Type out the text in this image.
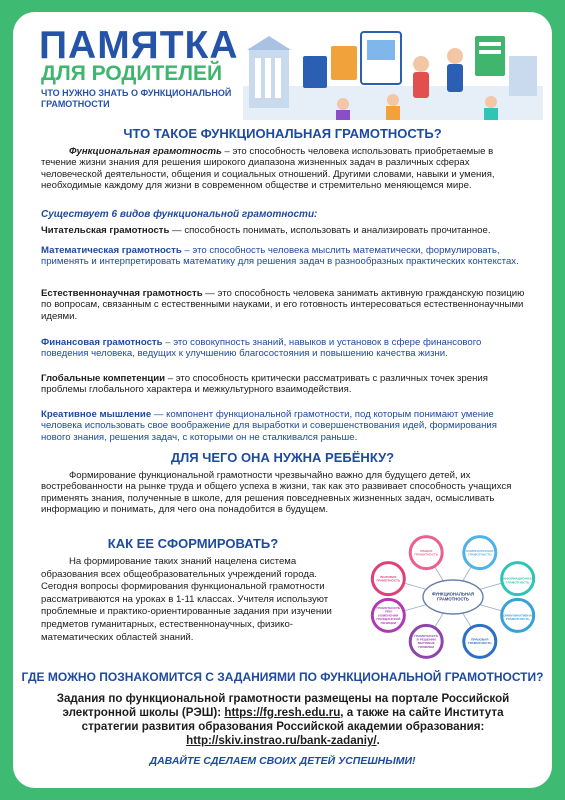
ПАМЯТКА
ДЛЯ РОДИТЕЛЕЙ
ЧТО НУЖНО ЗНАТЬ О ФУНКЦИОНАЛЬНОЙ ГРАМОТНОСТИ
ЧТО ТАКОЕ ФУНКЦИОНАЛЬНАЯ ГРАМОТНОСТЬ?
Функциональная грамотность – это способность человека использовать приобретаемые в течение жизни знания для решения широкого диапазона жизненных задач в различных сферах человеческой деятельности, общения и социальных отношений. Другими словами, навыки и умения, необходимые каждому для жизни в современном обществе и стремительно меняющемся мире.
Существует 6 видов функциональной грамотности:
Читательская грамотность — способность понимать, использовать и анализировать прочитанное.
Математическая грамотность – это способность человека мыслить математически, формулировать, применять и интерпретировать математику для решения задач в разнообразных практических контекстах.
Естественнонаучная грамотность — это способность человека занимать активную гражданскую позицию по вопросам, связанным с естественными науками, и его готовность интересоваться естественнонаучными идеями.
Финансовая грамотность – это совокупность знаний, навыков и установок в сфере финансового поведения человека, ведущих к улучшению благосостояния и повышению качества жизни.
Глобальные компетенции – это способность критически рассматривать с различных точек зрения проблемы глобального характера и межкультурного взаимодействия.
Креативное мышление — компонент функциональной грамотности, под которым понимают умение человека использовать свое воображение для выработки и совершенствования идей, формирования нового знания, решения задач, с которыми он не сталкивался раньше.
ДЛЯ ЧЕГО ОНА НУЖНА РЕБЁНКУ?
Формирование функциональной грамотности чрезвычайно важно для будущего детей, их востребованности на рынке труда и общего успеха в жизни, так как это развивает способность учащихся применять знания, полученные в школе, для решения повседневных жизненных задач, осмысливать информацию и понимать, для чего она понадобится в будущем.
КАК ЕЕ СФОРМИРОВАТЬ?
На формирование таких знаний нацелена система образования всех общеобразовательных учреждений города. Сегодня вопросы формирования функциональной грамотности рассматриваются на уроках в 1-11 классах. Учителя используют проблемные и практико-ориентированные задания при изучении предметов гуманитарных, естественнонаучных, физико-математических областей знаний.
КОМПЬЮТЕРНАЯ
ГРАМОТНОСТЬ
ИНФОРМАЦИОННАЯ
ГРАМОТНОСТЬ
КОММУНИКАТИВНАЯ
ГРАМОТНОСТЬ
ПРАВОВАЯ
ГРАМОТНОСТЬ
ГРАМОТНОСТЬ
В РЕШЕНИИ
БЫТОВЫХ
ПРОБЛЕМ
ГРАМОТНОСТЬ
ПРИ
ИЗМЕНЕНИИ
ГРАЖДАНСКОЙ
ПОЗИЦИИ
БЫТОВАЯ
ГРАМОТНОСТЬ
ОБЩАЯ
ГРАМОТНОСТЬ
ФУНКЦИОНАЛЬНАЯ
ГРАМОТНОСТЬ
ГДЕ МОЖНО ПОЗНАКОМИТСЯ С ЗАДАНИЯМИ ПО ФУНКЦИОНАЛЬНОЙ ГРАМОТНОСТИ?
Задания по функциональной грамотности размещены на портале Российской электронной школы (РЭШ): https://fg.resh.edu.ru, а также на сайте Института стратегии развития образования Российской академии образования: http://skiv.instrao.ru/bank-zadaniy/.
ДАВАЙТЕ СДЕЛАЕМ СВОИХ ДЕТЕЙ УСПЕШНЫМИ!
